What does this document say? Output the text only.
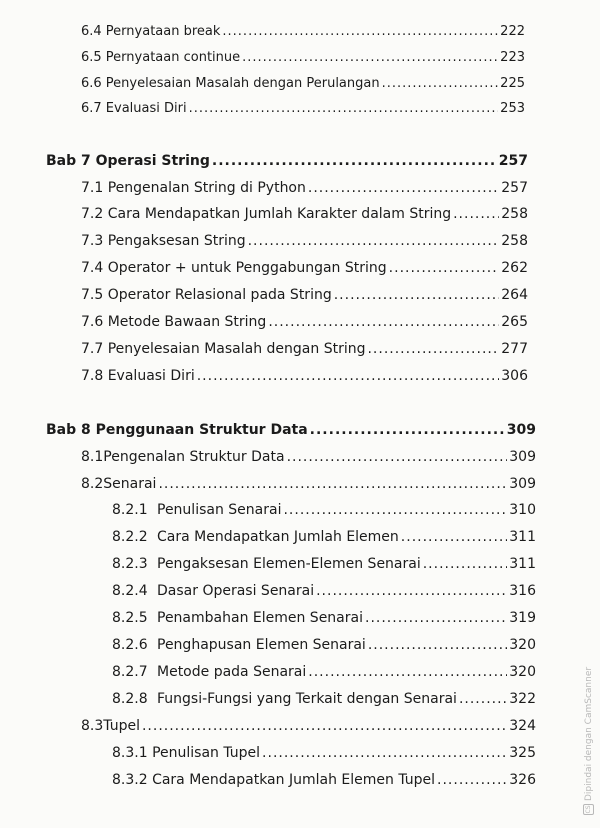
6.4 Pernyataan break .....	222
6.5 Pernyataan continue .....	223
6.6 Penyelesaian Masalah dengan Perulangan .....	225
6.7 Evaluasi Diri .....	253
Bab 7 Operasi String .....	257
7.1 Pengenalan String di Python .....	257
7.2 Cara Mendapatkan Jumlah Karakter dalam String .....	258
7.3 Pengaksesan String .....	258
7.4 Operator + untuk Penggabungan String .....	262
7.5 Operator Relasional pada String .....	264
7.6 Metode Bawaan String .....	265
7.7 Penyelesaian Masalah dengan String .....	277
7.8 Evaluasi Diri .....	306
Bab 8 Penggunaan Struktur Data .....	309
8.1Pengenalan Struktur Data .....	309
8.2Senarai .....	309
8.2.1 Penulisan Senarai .....	310
8.2.2 Cara Mendapatkan Jumlah Elemen .....	311
8.2.3 Pengaksesan Elemen-Elemen Senarai .....	311
8.2.4 Dasar Operasi Senarai .....	316
8.2.5 Penambahan Elemen Senarai .....	319
8.2.6 Penghapusan Elemen Senarai .....	320
8.2.7 Metode pada Senarai .....	320
8.2.8 Fungsi-Fungsi yang Terkait dengan Senarai .....	322
8.3Tupel .....	324
8.3.1 Penulisan Tupel .....	325
8.3.2 Cara Mendapatkan Jumlah Elemen Tupel .....	326
CS
Dipindai dengan CamScanner
